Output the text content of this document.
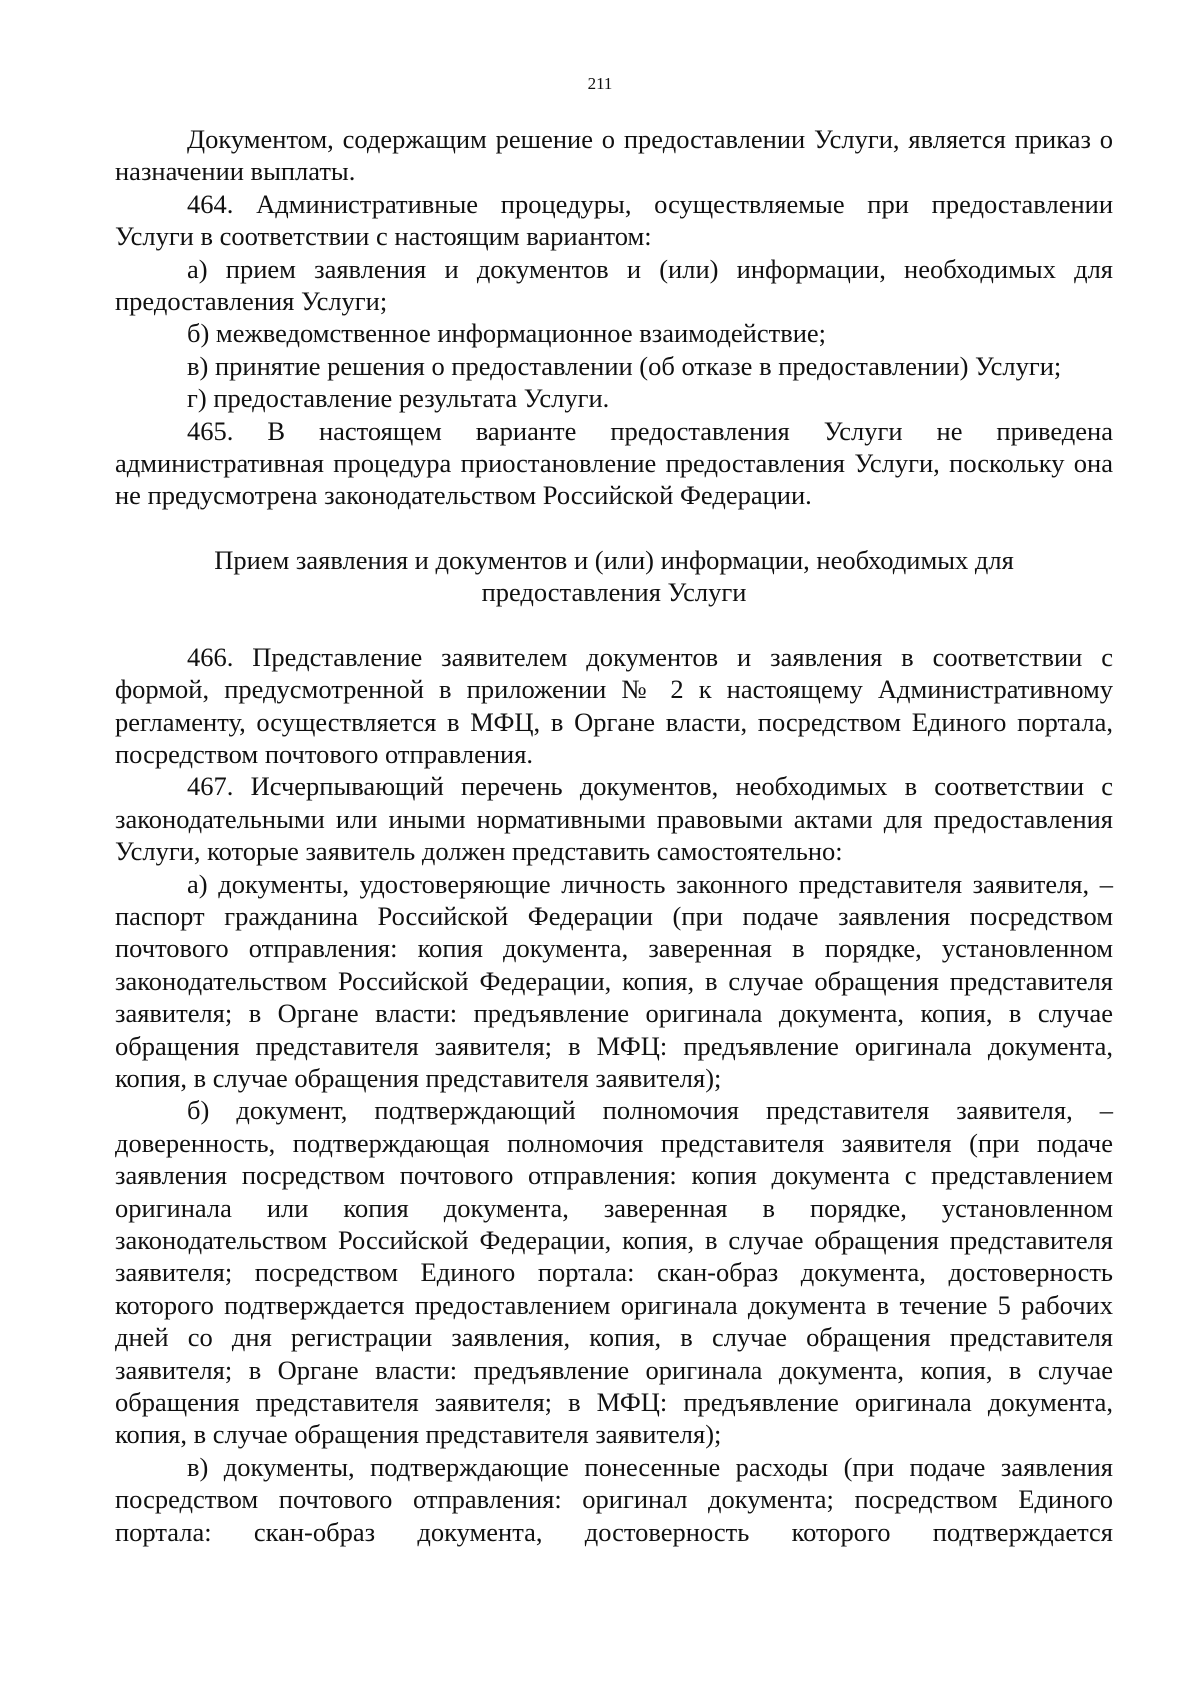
211

Документом, содержащим решение о предоставлении Услуги, является приказ о назначении выплаты.

464. Административные процедуры, осуществляемые при предоставлении Услуги в соответствии с настоящим вариантом:

а) прием заявления и документов и (или) информации, необходимых для предоставления Услуги;

б) межведомственное информационное взаимодействие;

в) принятие решения о предоставлении (об отказе в предоставлении) Услуги;

г) предоставление результата Услуги.

465. В настоящем варианте предоставления Услуги не приведена административная процедура приостановление предоставления Услуги, поскольку она не предусмотрена законодательством Российской Федерации.

Прием заявления и документов и (или) информации, необходимых для предоставления Услуги

466. Представление заявителем документов и заявления в соответствии с формой, предусмотренной в приложении № 2 к настоящему Административному регламенту, осуществляется в МФЦ, в Органе власти, посредством Единого портала, посредством почтового отправления.

467. Исчерпывающий перечень документов, необходимых в соответствии с законодательными или иными нормативными правовыми актами для предоставления Услуги, которые заявитель должен представить самостоятельно:

а) документы, удостоверяющие личность законного представителя заявителя, – паспорт гражданина Российской Федерации (при подаче заявления посредством почтового отправления: копия документа, заверенная в порядке, установленном законодательством Российской Федерации, копия, в случае обращения представителя заявителя; в Органе власти: предъявление оригинала документа, копия, в случае обращения представителя заявителя; в МФЦ: предъявление оригинала документа, копия, в случае обращения представителя заявителя);

б) документ, подтверждающий полномочия представителя заявителя, – доверенность, подтверждающая полномочия представителя заявителя (при подаче заявления посредством почтового отправления: копия документа с представлением оригинала или копия документа, заверенная в порядке, установленном законодательством Российской Федерации, копия, в случае обращения представителя заявителя; посредством Единого портала: скан-образ документа, достоверность которого подтверждается предоставлением оригинала документа в течение 5 рабочих дней со дня регистрации заявления, копия, в случае обращения представителя заявителя; в Органе власти: предъявление оригинала документа, копия, в случае обращения представителя заявителя; в МФЦ: предъявление оригинала документа, копия, в случае обращения представителя заявителя);

в) документы, подтверждающие понесенные расходы (при подаче заявления посредством почтового отправления: оригинал документа; посредством Единого портала: скан-образ документа, достоверность которого подтверждается
